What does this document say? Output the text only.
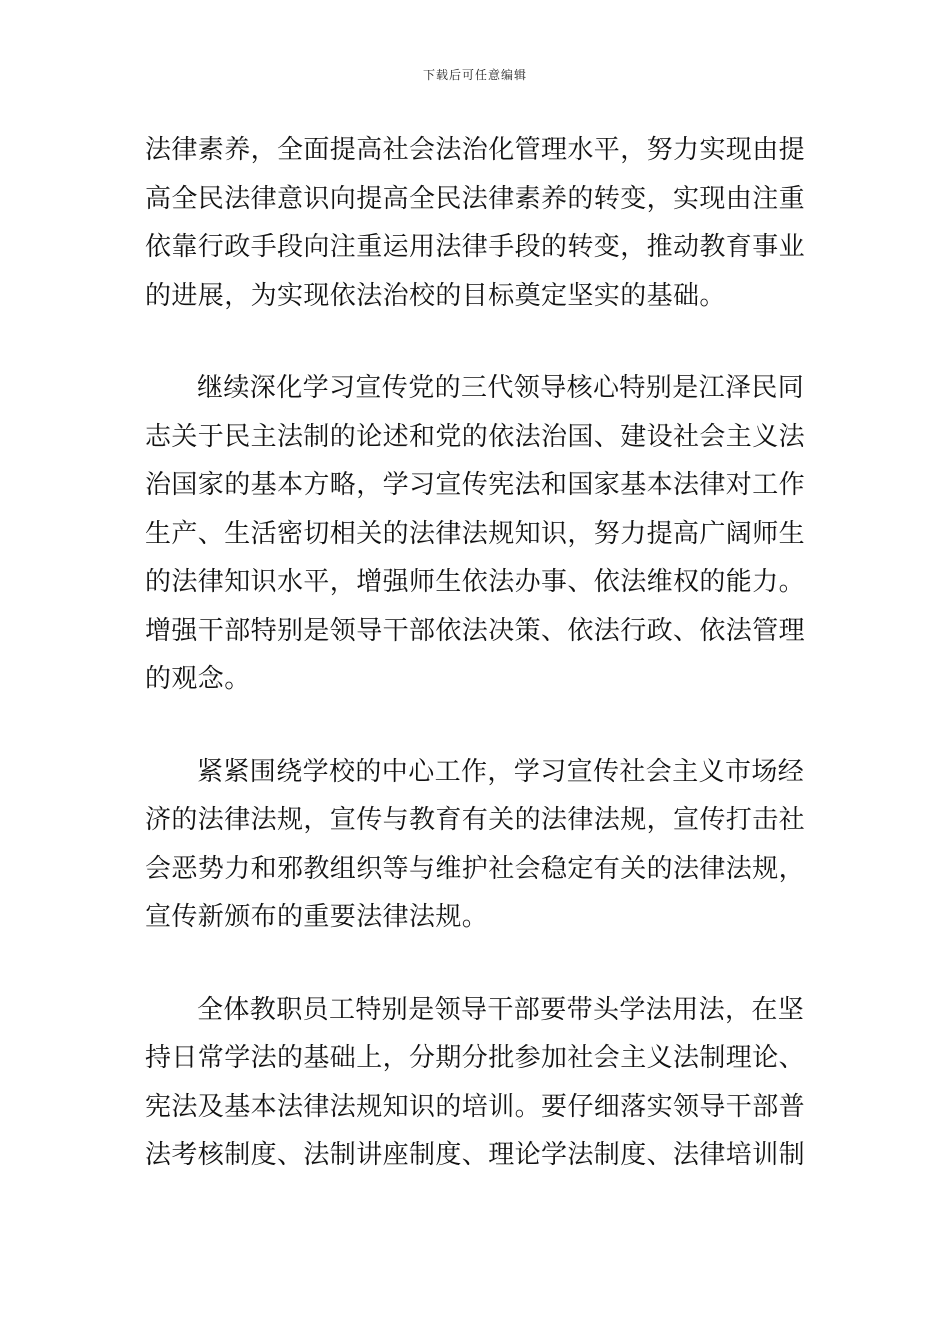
下载后可任意编辑

法律素养，全面提高社会法治化管理水平，努力实现由提
高全民法律意识向提高全民法律素养的转变，实现由注重
依靠行政手段向注重运用法律手段的转变，推动教育事业
的进展，为实现依法治校的目标奠定坚实的基础。

继续深化学习宣传党的三代领导核心特别是江泽民同
志关于民主法制的论述和党的依法治国、建设社会主义法
治国家的基本方略，学习宣传宪法和国家基本法律对工作
生产、生活密切相关的法律法规知识，努力提高广阔师生
的法律知识水平，增强师生依法办事、依法维权的能力。
增强干部特别是领导干部依法决策、依法行政、依法管理
的观念。

紧紧围绕学校的中心工作，学习宣传社会主义市场经
济的法律法规，宣传与教育有关的法律法规，宣传打击社
会恶势力和邪教组织等与维护社会稳定有关的法律法规，
宣传新颁布的重要法律法规。

全体教职员工特别是领导干部要带头学法用法，在坚
持日常学法的基础上，分期分批参加社会主义法制理论、
宪法及基本法律法规知识的培训。要仔细落实领导干部普
法考核制度、法制讲座制度、理论学法制度、法律培训制
